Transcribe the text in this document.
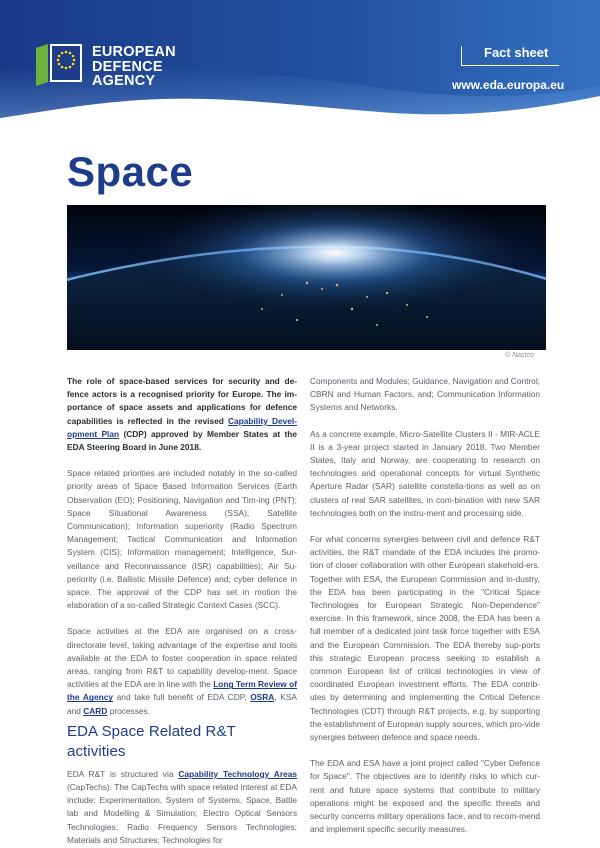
EUROPEAN
DEFENCE
AGENCY
Fact sheet
www.eda.europa.eu
Space
© Nastco

The role of space-based services for security and de-fence actors is a recognised priority for Europe. The im-portance of space assets and applications for defence capabilities is reflected in the revised Capability Devel-opment Plan (CDP) approved by Member States at the EDA Steering Board in June 2018.

Space related priorities are included notably in the so-called priority areas of Space Based Information Services (Earth Observation (EO); Positioning, Navigation and Tim-ing (PNT); Space Situational Awareness (SSA); Satellite Communication); Information superiority (Radio Spectrum Management; Tactical Communication and Information System (CIS); Information management; Intelligence, Sur-veillance and Reconnaissance (ISR) capabilities); Air Su-periority (i.e. Ballistic Missile Defence) and; cyber defence in space. The approval of the CDP has set in motion the elaboration of a so-called Strategic Context Cases (SCC).

Space activities at the EDA are organised on a cross-directorate level, taking advantage of the expertise and tools available at the EDA to foster cooperation in space related areas, ranging from R&T to capability develop-ment. Space activities at the EDA are in line with the Long Term Review of the Agency and take full benefit of EDA CDP, OSRA, KSA and CARD processes.

EDA Space Related R&T activities

EDA R&T is structured via Capability Technology Areas (CapTechs). The CapTechs with space related interest at EDA include: Experimentation, System of Systems, Space, Battle lab and Modelling & Simulation; Electro Optical Sensors Technologies; Radio Frequency Sensors Technologies; Materials and Structures; Technologies for

Components and Modules; Guidance, Navigation and Control; CBRN and Human Factors, and; Communication Information Systems and Networks.

As a concrete example, Micro-Satellite Clusters II - MIR-ACLE II is a 3-year project started in January 2018. Two Member States, Italy and Norway, are cooperating to research on technologies and operational concepts for virtual Synthetic Aperture Radar (SAR) satellite constella-tions as well as on clusters of real SAR satellites, in com-bination with new SAR technologies both on the instru-ment and processing side.

For what concerns synergies between civil and defence R&T activities, the R&T mandate of the EDA includes the promo-tion of closer collaboration with other European stakehold-ers. Together with ESA, the European Commission and in-dustry, the EDA has been participating in the "Critical Space Technologies for European Strategic Non-Dependence" exercise. In this framework, since 2008, the EDA has been a full member of a dedicated joint task force together with ESA and the European Commission. The EDA thereby sup-ports this strategic European process seeking to establish a common European list of critical technologies in view of coordinated European investment efforts. The EDA contrib-utes by determining and implementing the Critical Defence Technologies (CDT) through R&T projects, e.g. by supporting the establishment of European supply sources, which pro-vide synergies between defence and space needs.

The EDA and ESA have a joint project called "Cyber Defence for Space". The objectives are to identify risks to which cur-rent and future space systems that contribute to military operations might be exposed and the specific threats and security concerns military operations face, and to recom-mend and implement specific security measures.
